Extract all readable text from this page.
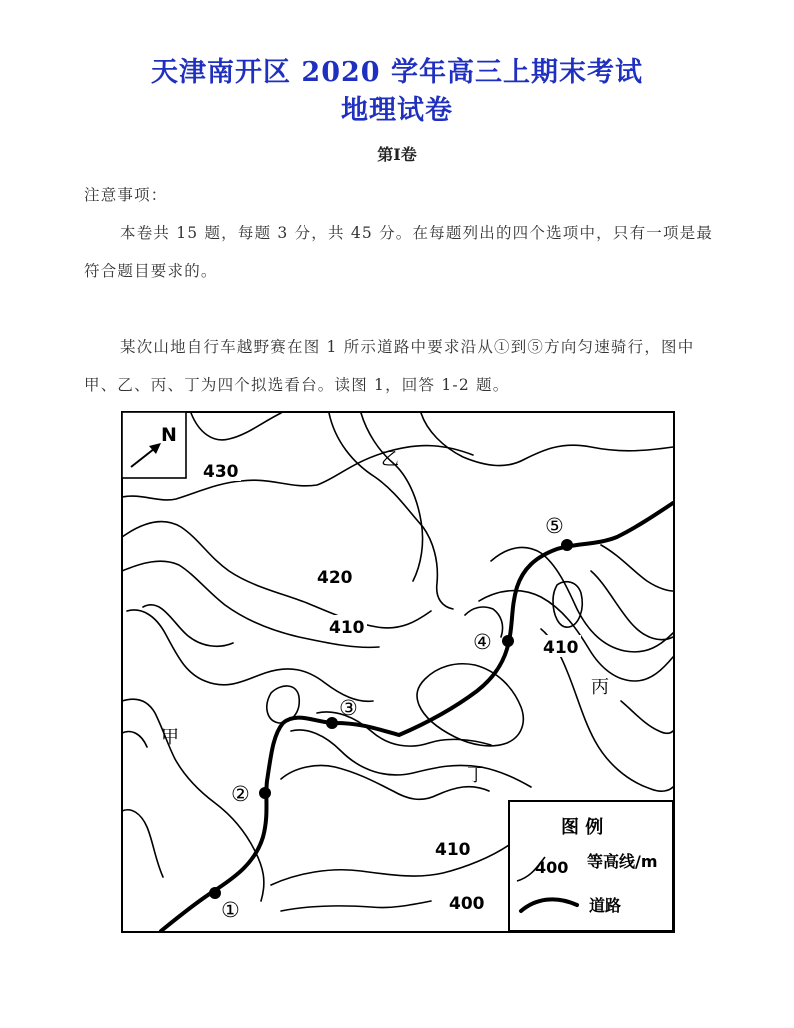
天津南开区 2020 学年高三上期末考试
地理试卷
第Ⅰ卷
注意事项：
本卷共 15 题，每题 3 分，共 45 分。在每题列出的四个选项中，只有一项是最符合题目要求的。
某次山地自行车越野赛在图 1 所示道路中要求沿从①到⑤方向匀速骑行，图中甲、乙、丙、丁为四个拟选看台。读图 1，回答 1-2 题。
①
②
③
④
⑤
430
420
410
410
410
400
甲
乙
丙
丁
N
图 例
400 等高线/m
道路
